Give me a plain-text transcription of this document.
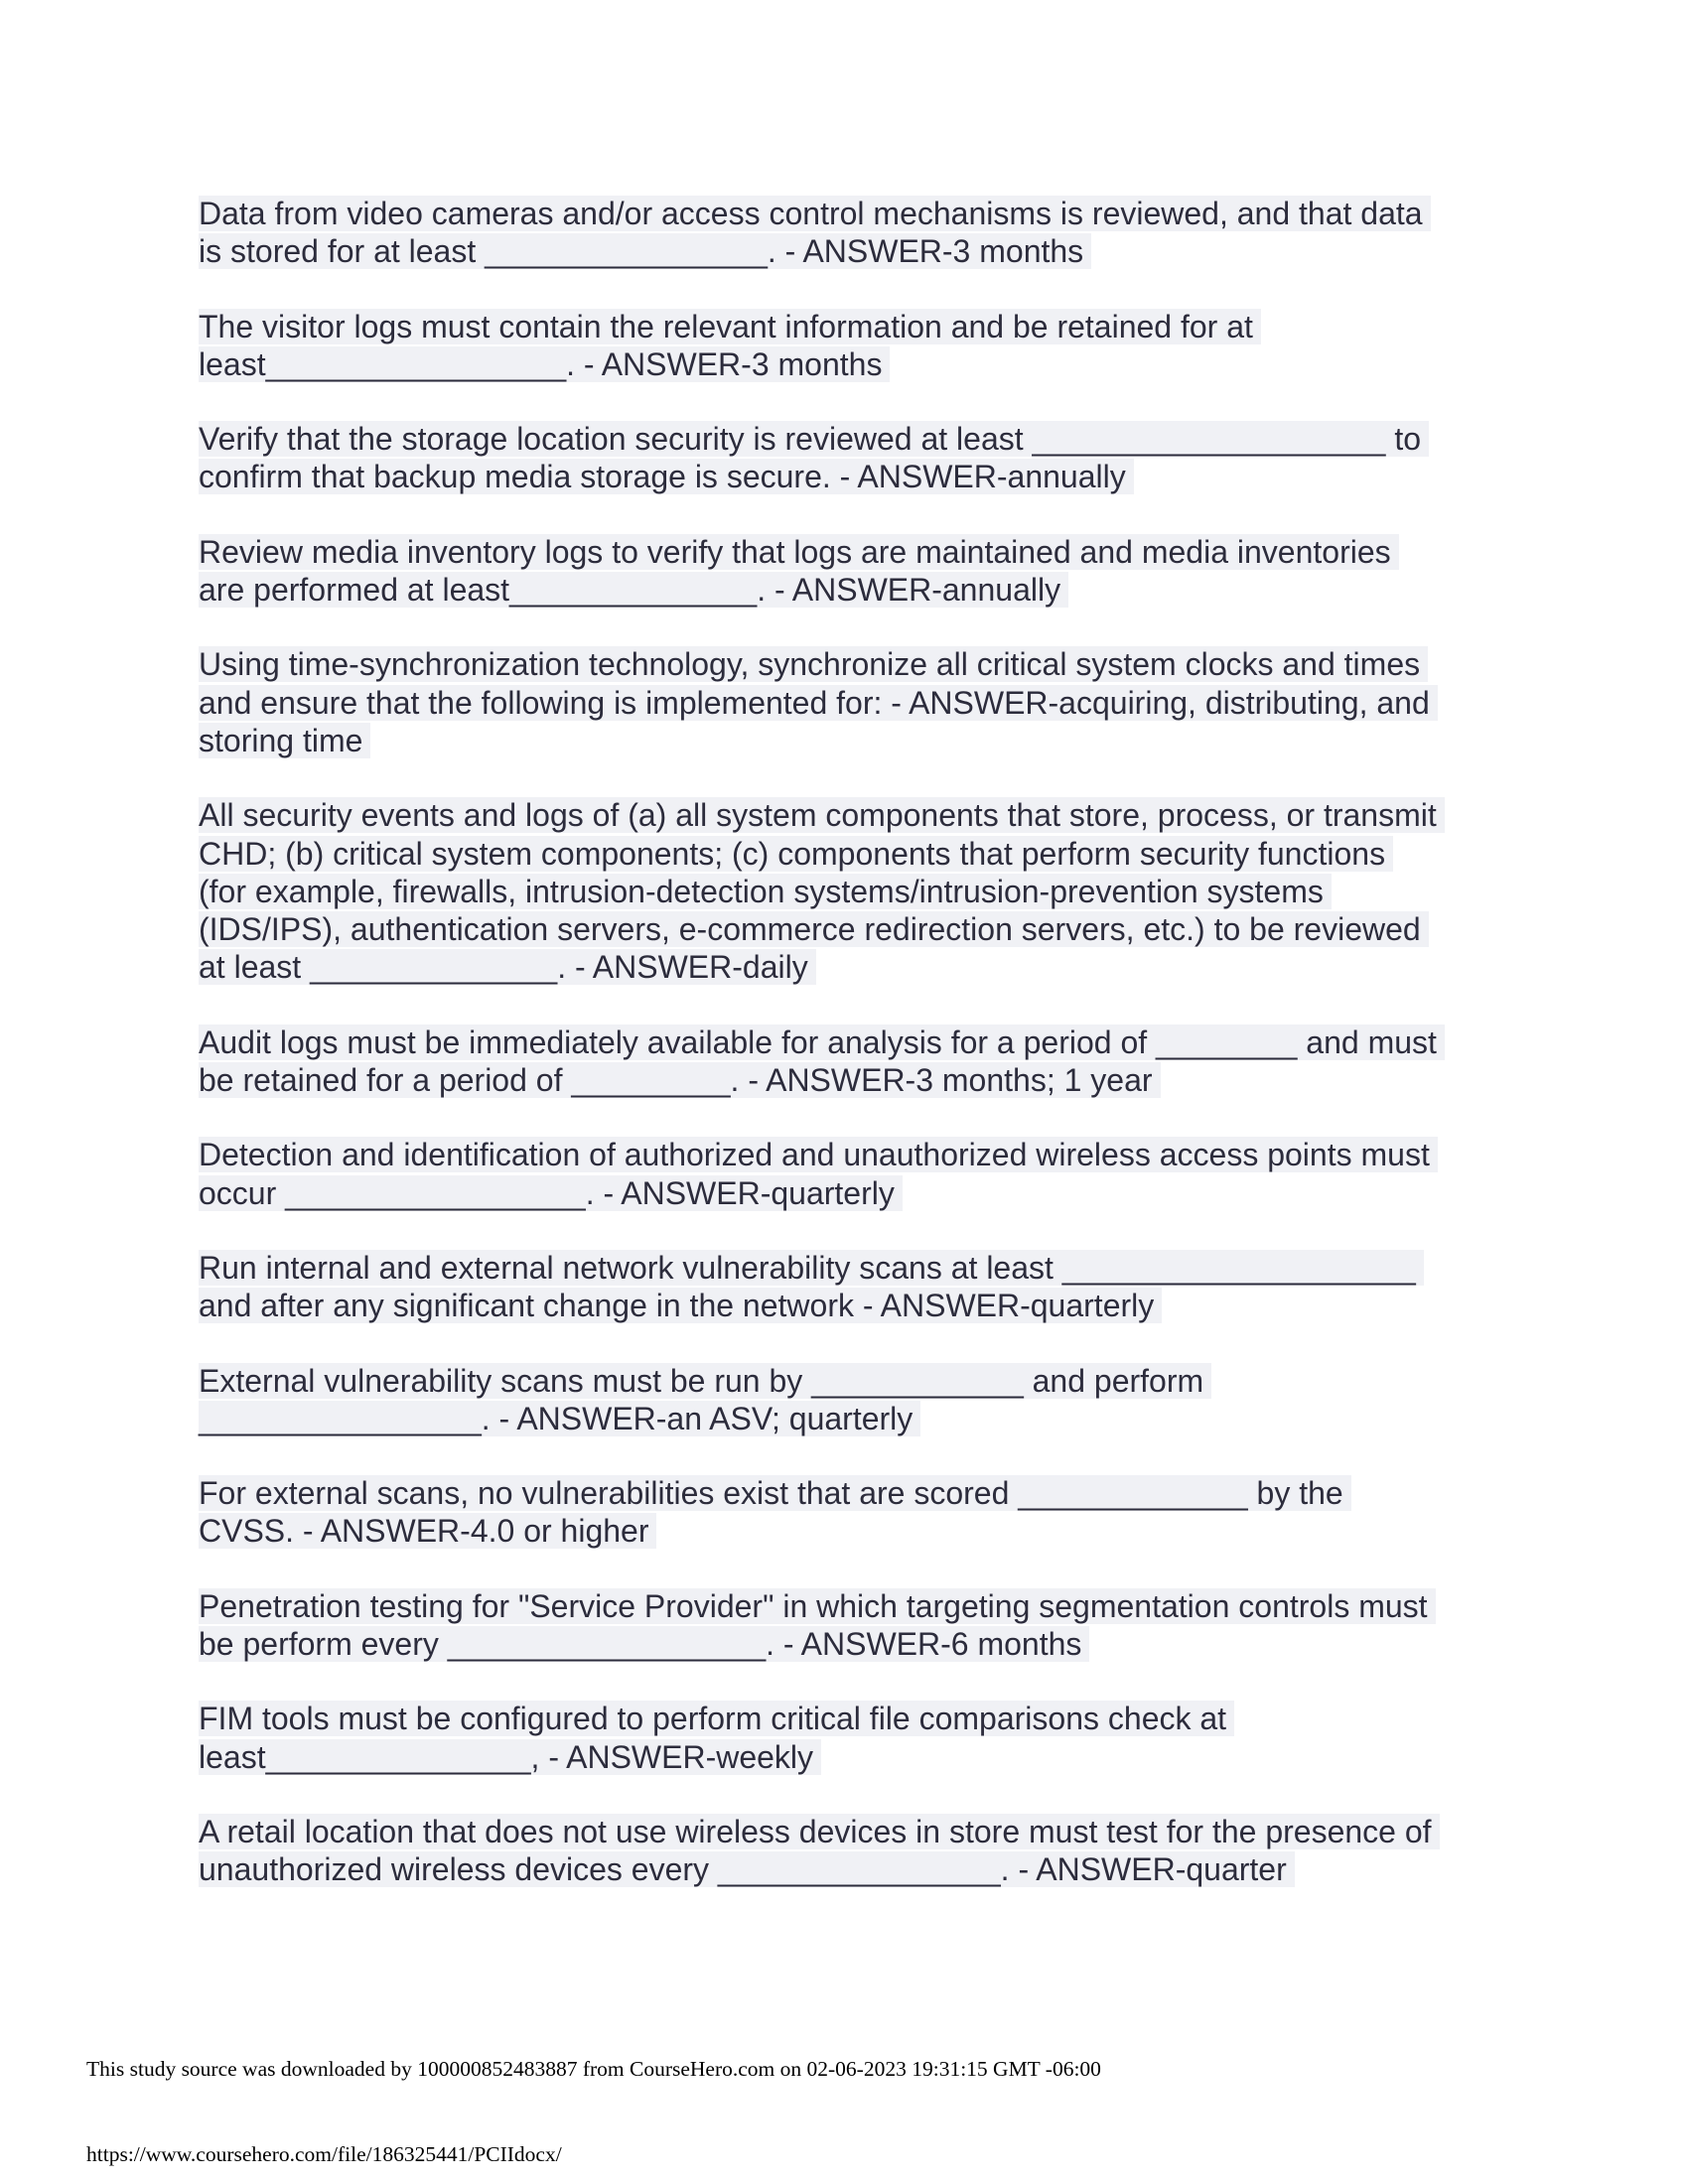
Data from video cameras and/or access control mechanisms is reviewed, and that data
is stored for at least ________________. - ANSWER-3 months
The visitor logs must contain the relevant information and be retained for at
least_________________. - ANSWER-3 months
Verify that the storage location security is reviewed at least ____________________ to
confirm that backup media storage is secure. - ANSWER-annually
Review media inventory logs to verify that logs are maintained and media inventories
are performed at least______________. - ANSWER-annually
Using time-synchronization technology, synchronize all critical system clocks and times
and ensure that the following is implemented for: - ANSWER-acquiring, distributing, and
storing time
All security events and logs of (a) all system components that store, process, or transmit
CHD; (b) critical system components; (c) components that perform security functions
(for example, firewalls, intrusion-detection systems/intrusion-prevention systems
(IDS/IPS), authentication servers, e-commerce redirection servers, etc.) to be reviewed
at least ______________. - ANSWER-daily
Audit logs must be immediately available for analysis for a period of ________ and must
be retained for a period of _________. - ANSWER-3 months; 1 year
Detection and identification of authorized and unauthorized wireless access points must
occur _________________. - ANSWER-quarterly
Run internal and external network vulnerability scans at least ____________________
and after any significant change in the network - ANSWER-quarterly
External vulnerability scans must be run by ____________ and perform
________________. - ANSWER-an ASV; quarterly
For external scans, no vulnerabilities exist that are scored _____________ by the
CVSS. - ANSWER-4.0 or higher
Penetration testing for "Service Provider" in which targeting segmentation controls must
be perform every __________________. - ANSWER-6 months
FIM tools must be configured to perform critical file comparisons check at
least_______________, - ANSWER-weekly
A retail location that does not use wireless devices in store must test for the presence of
unauthorized wireless devices every ________________. - ANSWER-quarter
This study source was downloaded by 100000852483887 from CourseHero.com on 02-06-2023 19:31:15 GMT -06:00
https://www.coursehero.com/file/186325441/PCIIdocx/
